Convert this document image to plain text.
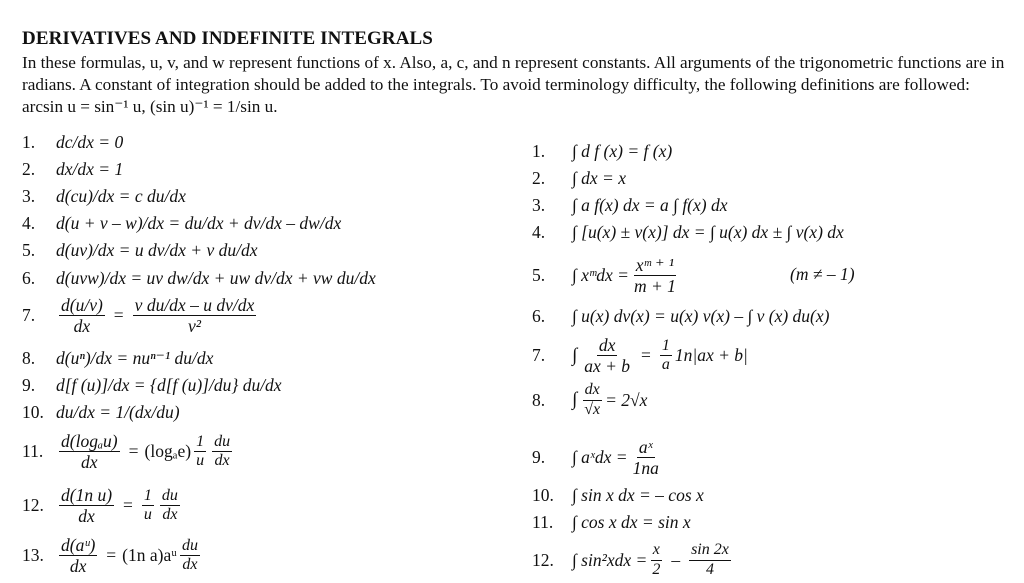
DERIVATIVES AND INDEFINITE INTEGRALS
In these formulas, u, v, and w represent functions of x. Also, a, c, and n represent constants. All arguments of the trigonometric functions are in radians. A constant of integration should be added to the integrals. To avoid terminology difficulty, the following definitions are followed: arcsin u = sin⁻¹ u, (sin u)⁻¹ = 1/sin u.
1.	dc/dx = 0
2.	dx/dx = 1
3.	d(cu)/dx = c du/dx
4.	d(u + v – w)/dx = du/dx + dv/dx – dw/dx
5.	d(uv)/dx = u dv/dx + v du/dx
6.	d(uvw)/dx = uv dw/dx + uw dv/dx + vw du/dx
7.	$\frac{d(u/v)}{dx} = \frac{\text{v du/dx – u dv/dx}}{\text{v²}}$
8.	d(uⁿ)/dx = nuⁿ⁻¹ du/dx
9.	d[f (u)]/dx = {d[f (u)]/du} du/dx
10. du/dx = 1/(dx/du)
11. $\frac{\text{d(logₐu)}}{dx} = (\log_ae) \frac{1}{u} \frac{du}{dx}$
12. $\frac{\text{d(1n u)}}{dx} = \frac{1}{u} \frac{du}{dx}$
13. $\frac{\text{d(aᵘ)}}{dx} = (1n$ a)aᵘ $\frac{du}{dx}$
1.	∫ d f (x) = f (x)
2.	∫ dx = x
3.	∫ a f(x) dx = a ∫ f(x) dx
4.	∫ [u(x) ± v(x)] dx = ∫ u(x) dx ± ∫ v(x) dx
5.	∫ xᵐdx = $\frac{\text{xᵐ ⁺ ¹}}{m + 1}$	(m ≠ – 1)
6.	∫ u(x) dv(x) = u(x) v(x) – ∫ v (x) du(x)
7.	∫ $\frac{dx}{ax + b} = \frac{1}{a} 1n|ax + b|$
8.	∫ $\frac{dx}{√x} = 2√x$
9.	∫ aˣdx = $\frac{\text{aˣ}}{1na}$
10.	∫ sin x dx = – cos x
11.	∫ cos x dx = sin x
12.	∫ $\sin^2xdx = \frac{x}{2} - \frac{\sin 2x}{4}$
